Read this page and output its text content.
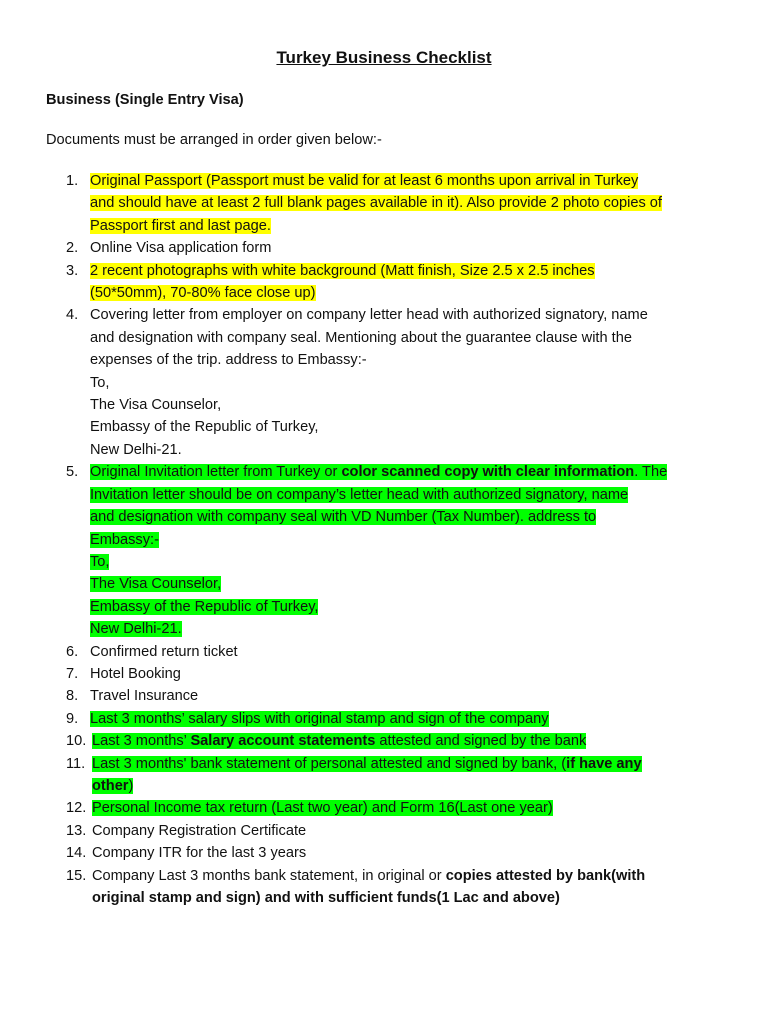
Turkey Business Checklist
Business (Single Entry Visa)
Documents must be arranged in order given below:-
1. Original Passport (Passport must be valid for at least 6 months upon arrival in Turkey
and should have at least 2 full blank pages available in it). Also provide 2 photo copies of
Passport first and last page.
2. Online Visa application form
3. 2 recent photographs with white background (Matt finish, Size 2.5 x 2.5 inches
(50*50mm), 70-80% face close up)
4. Covering letter from employer on company letter head with authorized signatory, name
and designation with company seal. Mentioning about the guarantee clause with the
expenses of the trip. address to Embassy:-
To,
The Visa Counselor,
Embassy of the Republic of Turkey,
New Delhi-21.
5. Original Invitation letter from Turkey or color scanned copy with clear information. The
Invitation letter should be on company’s letter head with authorized signatory, name
and designation with company seal with VD Number (Tax Number). address to
Embassy:-
To,
The Visa Counselor,
Embassy of the Republic of Turkey,
New Delhi-21.
6. Confirmed return ticket
7. Hotel Booking
8. Travel Insurance
9. Last 3 months’ salary slips with original stamp and sign of the company
10. Last 3 months’ Salary account statements attested and signed by the bank
11. Last 3 months' bank statement of personal attested and signed by bank, (if have any
other)
12. Personal Income tax return (Last two year) and Form 16(Last one year)
13. Company Registration Certificate
14. Company ITR for the last 3 years
15. Company Last 3 months bank statement, in original or copies attested by bank(with
original stamp and sign) and with sufficient funds(1 Lac and above)
